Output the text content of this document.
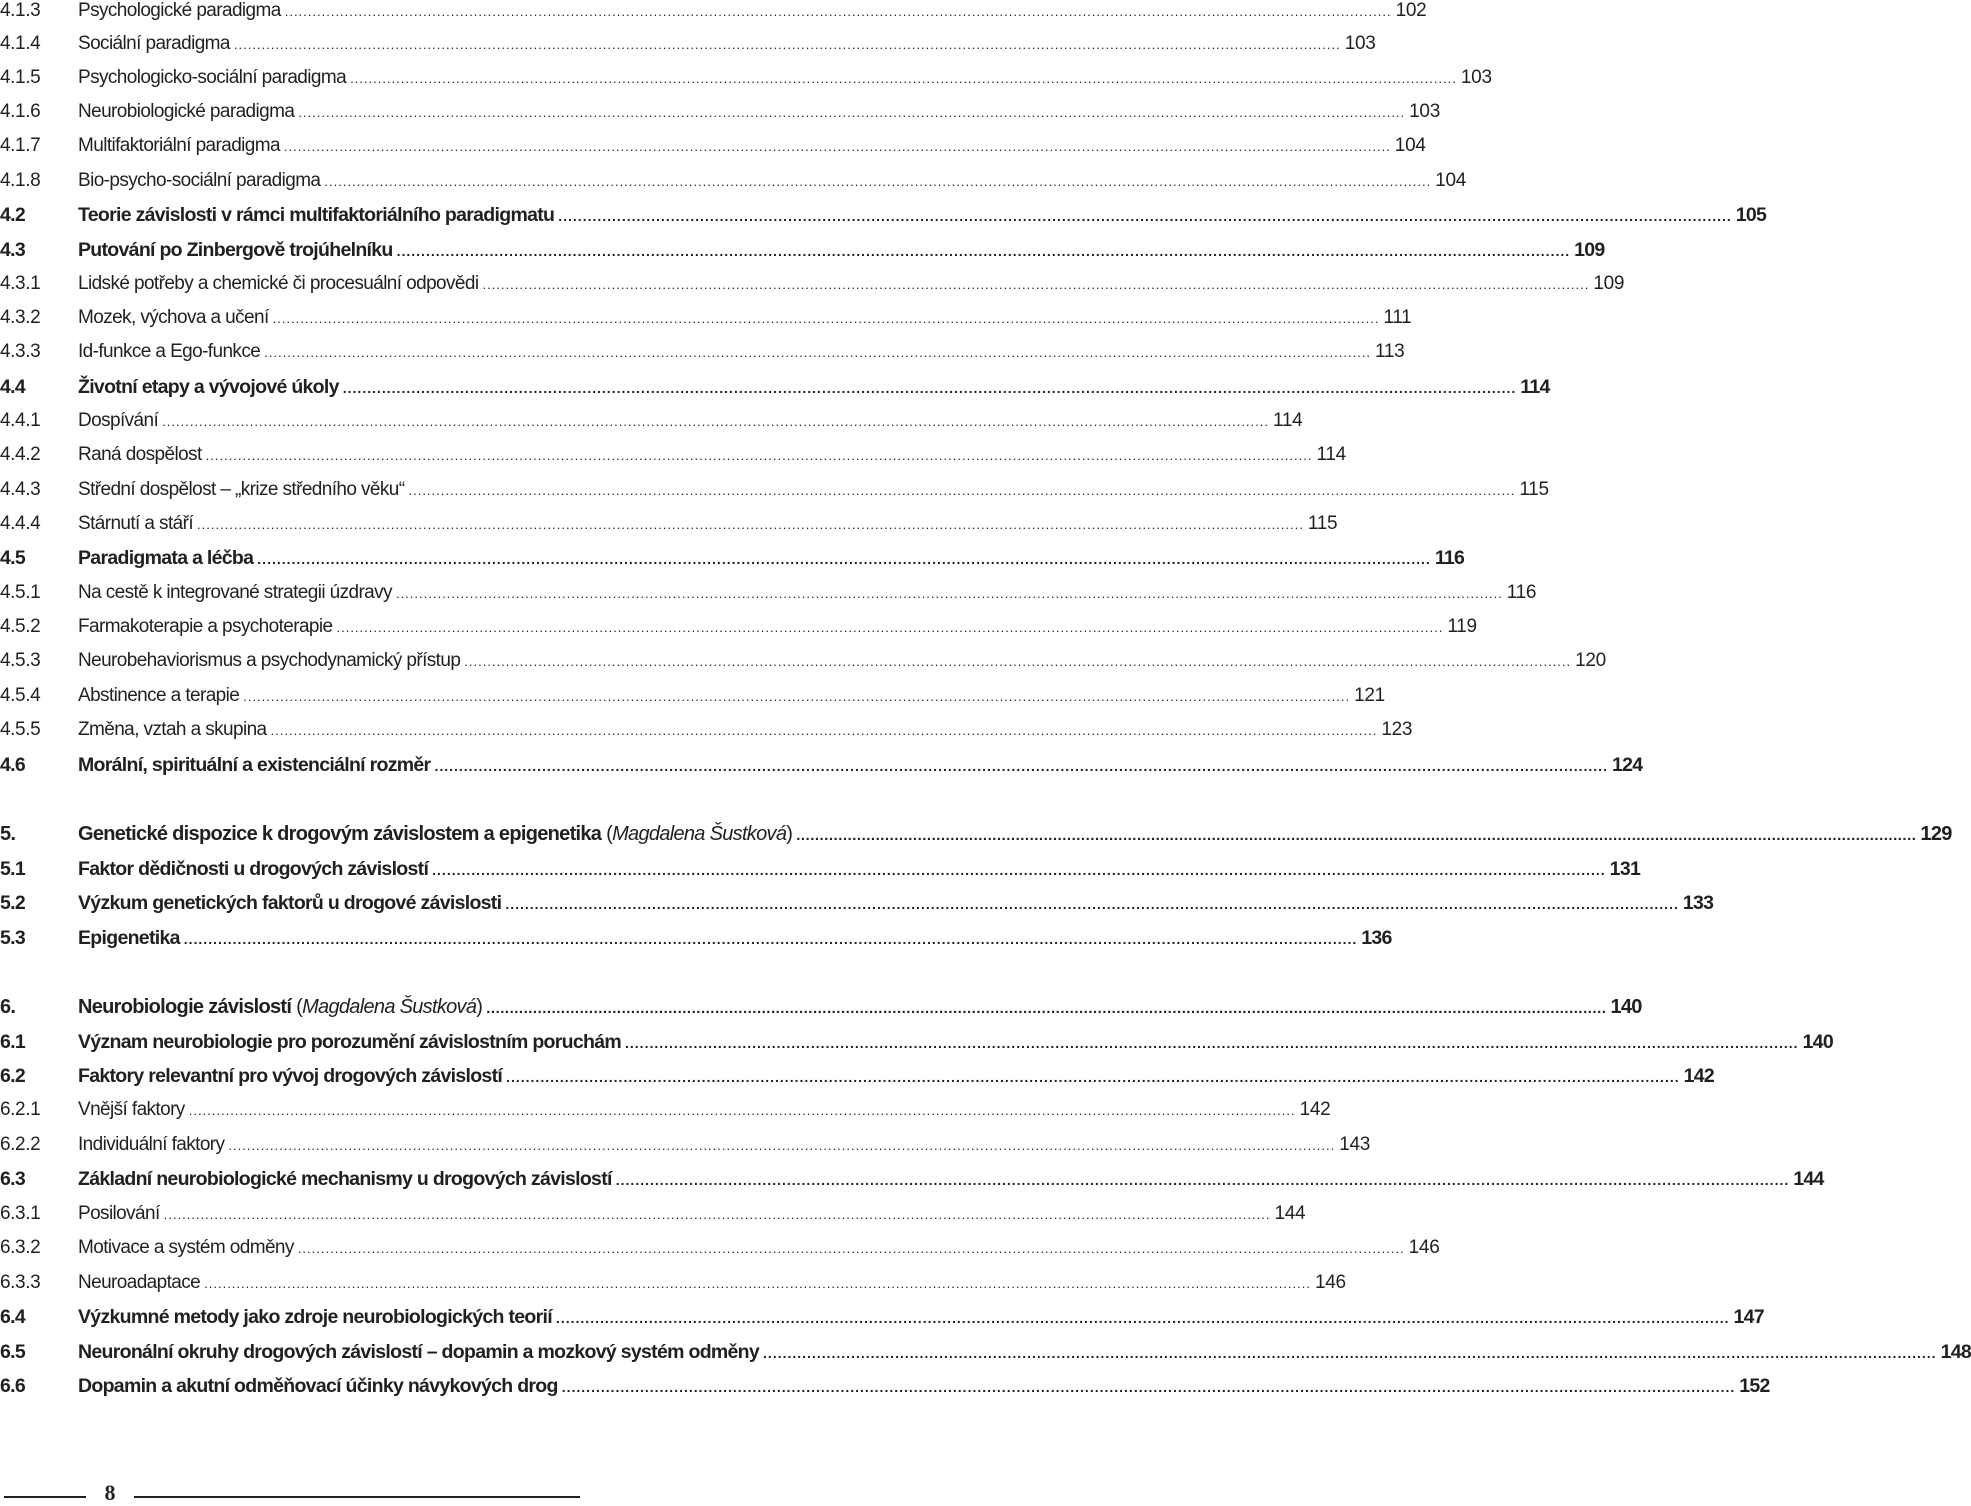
4.1.3	Psychologické paradigma .....	102
4.1.4	Sociální paradigma .....	103
4.1.5	Psychologicko-sociální paradigma .....	103
4.1.6	Neurobiologické paradigma .....	103
4.1.7	Multifaktoriální paradigma .....	104
4.1.8	Bio-psycho-sociální paradigma .....	104
4.2	Teorie závislosti v rámci multifaktoriálního paradigmatu .....	105
4.3	Putování po Zinbergově trojúhelníku .....	109
4.3.1	Lidské potřeby a chemické či procesuální odpovědi .....	109
4.3.2	Mozek, výchova a učení .....	111
4.3.3	Id-funkce a Ego-funkce .....	113
4.4	Životní etapy a vývojové úkoly .....	114
4.4.1	Dospívání .....	114
4.4.2	Raná dospělost .....	114
4.4.3	Střední dospělost – „krize středního věku“ .....	115
4.4.4	Stárnutí a stáří .....	115
4.5	Paradigmata a léčba .....	116
4.5.1	Na cestě k integrované strategii úzdravy .....	116
4.5.2	Farmakoterapie a psychoterapie .....	119
4.5.3	Neurobehaviorismus a psychodynamický přístup .....	120
4.5.4	Abstinence a terapie .....	121
4.5.5	Změna, vztah a skupina .....	123
4.6	Morální, spirituální a existenciální rozměr .....	124
5.	Genetické dispozice k drogovým závislostem a epigenetika (Magdalena Šustková) .....	129
5.1	Faktor dědičnosti u drogových závislostí .....	131
5.2	Výzkum genetických faktorů u drogové závislosti .....	133
5.3	Epigenetika .....	136
6.	Neurobiologie závislostí (Magdalena Šustková) .....	140
6.1	Význam neurobiologie pro porozumění závislostním poruchám .....	140
6.2	Faktory relevantní pro vývoj drogových závislostí .....	142
6.2.1	Vnější faktory .....	142
6.2.2	Individuální faktory .....	143
6.3	Základní neurobiologické mechanismy u drogových závislostí .....	144
6.3.1	Posilování .....	144
6.3.2	Motivace a systém odměny .....	146
6.3.3	Neuroadaptace .....	146
6.4	Výzkumné metody jako zdroje neurobiologických teorií .....	147
6.5	Neuronální okruhy drogových závislostí – dopamin a mozkový systém odměny .....	148
6.6	Dopamin a akutní odměňovací účinky návykových drog .....	152
8
